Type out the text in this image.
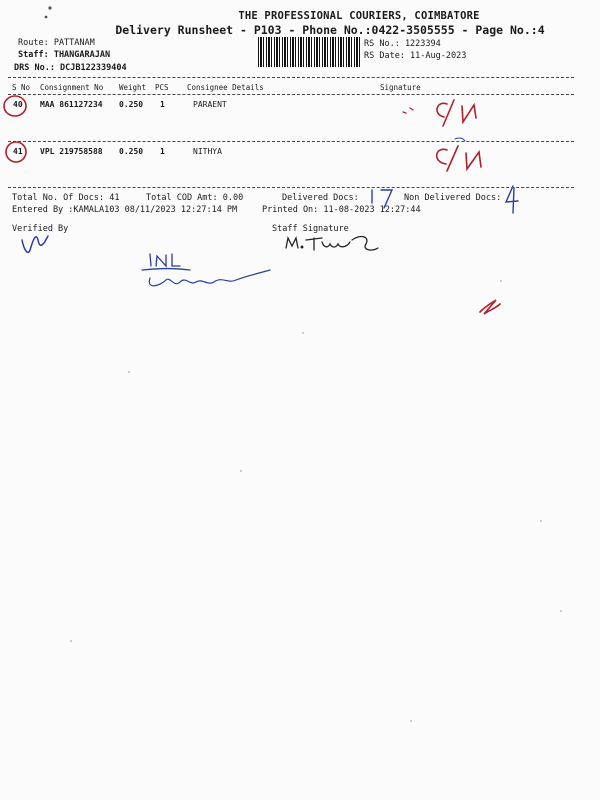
THE PROFESSIONAL COURIERS, COIMBATORE
Delivery Runsheet - P103 - Phone No.:0422-3505555 - Page No.:4
Route: PATTANAM
Staff: THANGARAJAN
DRS No.: DCJB122339404
RS No.: 1223394
RS Date: 11-Aug-2023
S No Consignment No Weight PCS Consignee Details	Signature
40 MAA 861127234 0.250 1	PARAENT
41 VPL 219758588 0.250 1	NITHYA
Total No. Of Docs: 41	Total COD Amt: 0.00	Delivered Docs:	Non Delivered Docs:
Entered By :KAMALA103 08/11/2023 12:27:14 PM	Printed On: 11-08-2023 12:27:44
Verified By	Staff Signature
